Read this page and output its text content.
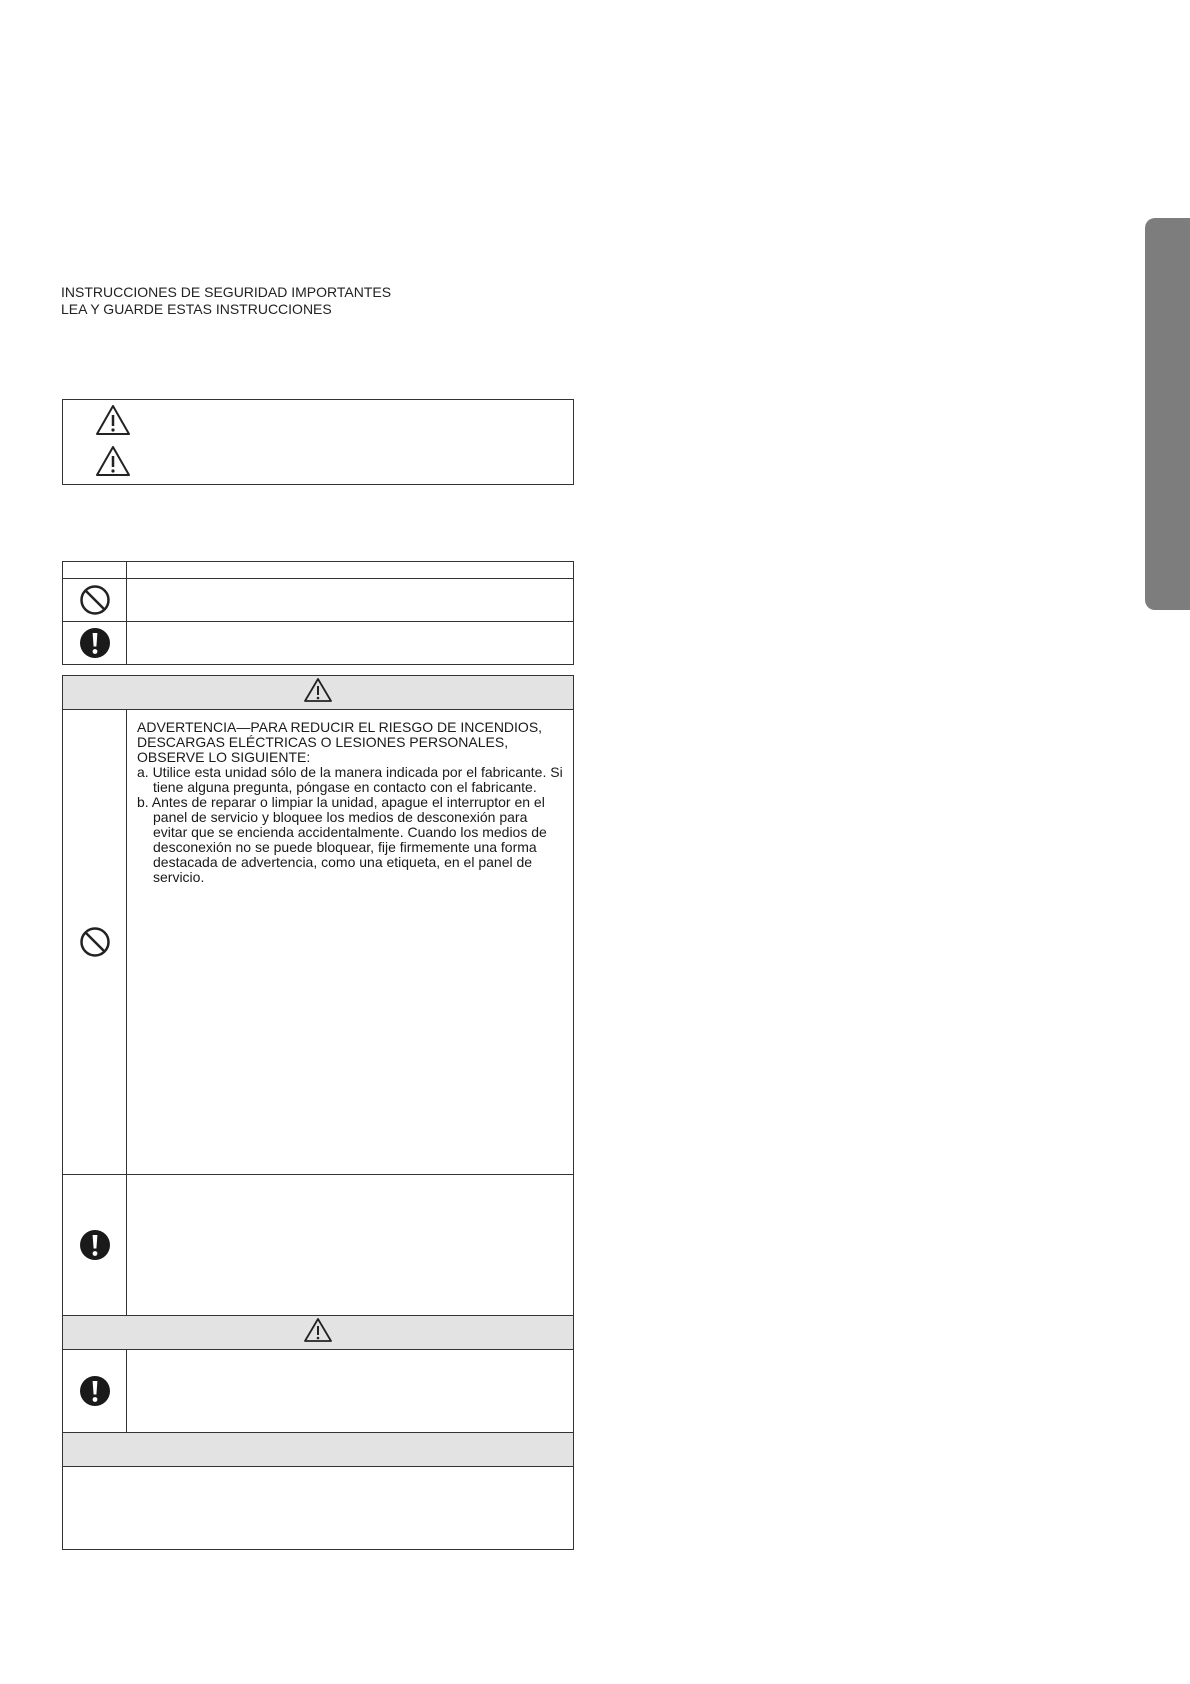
INSTRUCCIONES DE SEGURIDAD IMPORTANTES
LEA Y GUARDE ESTAS INSTRUCCIONES

ADVERTENCIA—PARA REDUCIR EL RIESGO DE INCENDIOS, DESCARGAS ELÉCTRICAS O LESIONES PERSONALES, OBSERVE LO SIGUIENTE:

a. Utilice esta unidad sólo de la manera indicada por el fabricante. Si tiene alguna pregunta, póngase en contacto con el fabricante.

b. Antes de reparar o limpiar la unidad, apague el interruptor en el panel de servicio y bloquee los medios de desconexión para evitar que se encienda accidentalmente. Cuando los medios de desconexión no se puede bloquear, fije firmemente una forma destacada de advertencia, como una etiqueta, en el panel de servicio.
